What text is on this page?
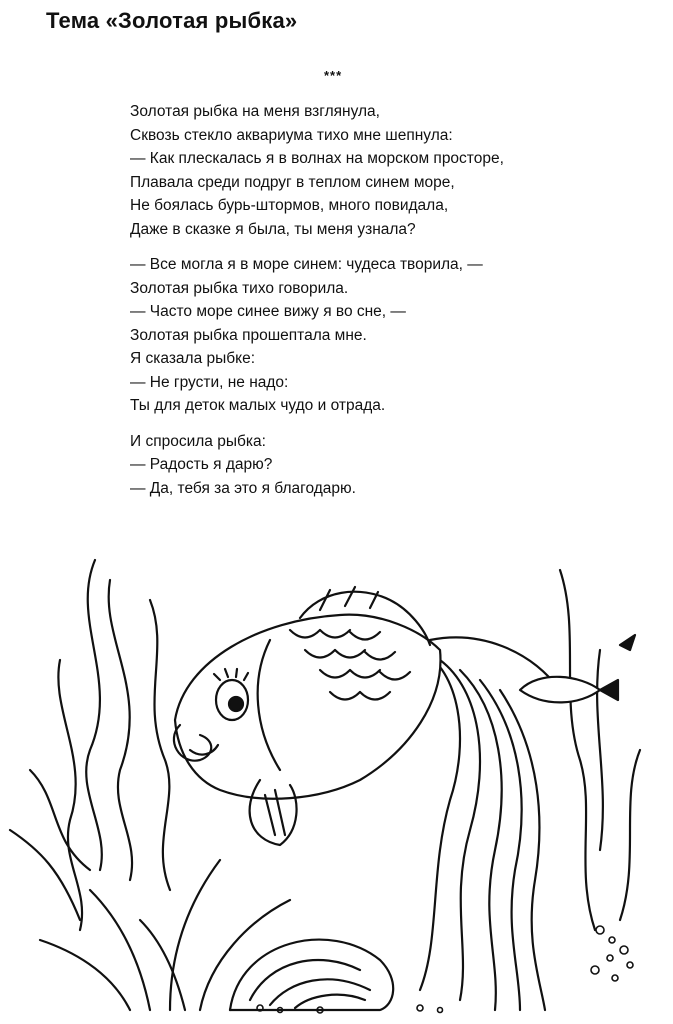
Тема «Золотая рыбка»
***
Золотая рыбка на меня взглянула,
Сквозь стекло аквариума тихо мне шепнула:
— Как плескалась я в волнах на морском просторе,
Плавала среди подруг в теплом синем море,
Не боялась бурь-штормов, много повидала,
Даже в сказке я была, ты меня узнала?
— Все могла я в море синем: чудеса творила, —
Золотая рыбка тихо говорила.
— Часто море синее вижу я во сне, —
Золотая рыбка прошептала мне.
Я сказала рыбке:
— Не грусти, не надо:
Ты для деток малых чудо и отрада.
И спросила рыбка:
— Радость я дарю?
— Да, тебя за это я благодарю.
